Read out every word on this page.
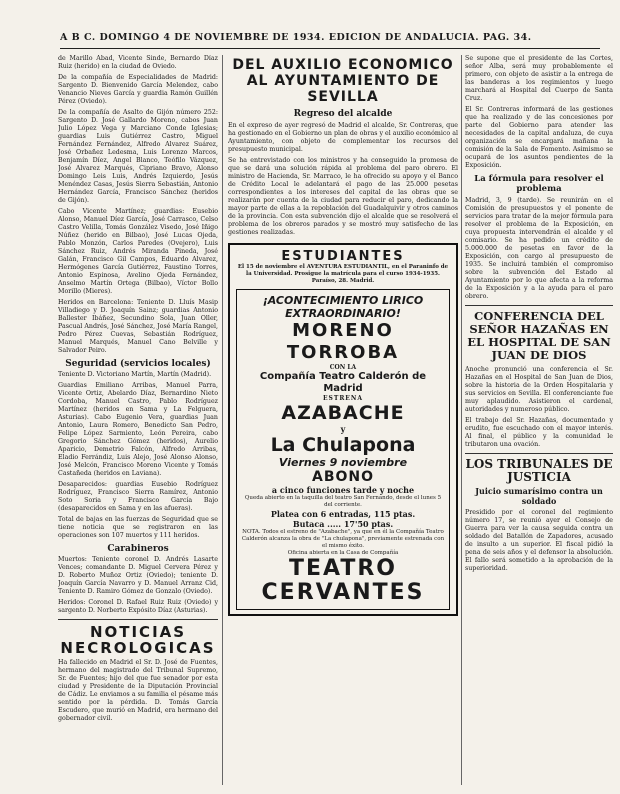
A B C. DOMINGO 4 DE NOVIEMBRE DE 1934. EDICION DE ANDALUCIA. PAG. 34.

de Marillo Abad, Vicente Sinde, Bernardo Díaz Ruiz (herido) en la ciudad de Oviedo.

De la compañía de Especialidades de Madrid: Sargento D. Bienvenido García Melendez, cabo Venancio Nieves García y guardia Ramón Guillén Pérez (Oviedo).

De la compañía de Asalto de Gijón número 252: Sargento D. José Gallardo Moreno, cabos Juan Julio López Vega y Marciano Conde Iglesias; guardias Luis Gutiérrez Castro, Miguel Fernández Fernández, Alfredo Alvarez Suárez, José Orbañez Ledesma, Luis Lorenzo Marcos, Benjamín Díez, Angel Blanco, Teófilo Vázquez, José Alvarez Marqués, Cipriano Bravo, Alonso Domingo Leis Luis, Andrés Izquierdo, Jesús Menéndez Casas, Jesús Sierra Sebastián, Antonio Hernández García, Francisco Sánchez (heridos de Gijón).

Cabo Vicente Martínez; guardias: Eusebio Alonso, Manuel Díez García, José Carrasco, Celso Castro Velilla, Tomás González Visedo, José Iñigo Núñez (herido en Bilbao), José Lucas Ojeda, Pablo Monzón, Carlos Paredes (Ovejero), Luis Sánchez Ruiz, Andrés Miranda Pineda, José Galán, Francisco Gil Campos, Eduardo Alvarez, Hermógenes García Gutiérrez, Faustino Torres, Antonio Espinosa, Avelino Ojeda Fernández, Anselmo Martín Ortega (Bilbao), Víctor Bollo Morillo (Mieres).

Heridos en Barcelona: Teniente D. Lluís Masip Villadiego y D. Joaquín Sainz; guardias Antonio Ballester Ibáñez, Secundino Sola, Juan Oller, Pascual Andrés, José Sánchez, José María Rangel, Pedro Pérez Cuevas, Sebastián Rodríguez, Manuel Marqués, Manuel Cano Belville y Salvador Peiro.

Seguridad (servicios locales)

Teniente D. Victoriano Martín, Martín (Madrid).

Guardias Emiliano Arribas, Manuel Parra, Vicente Ortiz, Abelardo Díaz, Bernardino Nieto Cordoba, Manuel Castro, Pablo Rodríguez Martínez (heridos en Sama y La Felguera, Asturias). Cabo Eugenio Vera, guardias Juan Antonio, Laura Romero, Benedicto San Pedro, Felipe López Sarmiento, León Pereira, cabo Gregorio Sánchez Gómez (heridos), Aurelio Aparicio, Demetrio Falcón, Alfredo Arribas, Eladio Ferrándiz, Luis Alejo, José Alonso Alonso, José Melcón, Francisco Moreno Vicente y Tomás Castañeda (heridos en Laviana).

Desaparecidos: guardias Eusebio Rodríguez Rodríguez, Francisco Sierra Ramírez, Antonio Soto Soria y Francisco García Bajo (desaparecidos en Sama y en las afueras).

Total de bajas en las fuerzas de Seguridad que se tiene noticia que se registraron en las operaciones son 107 muertos y 111 heridos.

Carabineros

Muertos: Teniente coronel D. Andrés Lasarte Vences; comandante D. Miguel Cervera Pérez y D. Roberto Muñoz Ortiz (Oviedo); teniente D. Joaquín García Navarro y D. Manuel Arranz Cid, Teniente D. Ramiro Gómez de Gonzalo (Oviedo).

Heridos: Coronel D. Rafael Ruiz Ruiz (Oviedo) y sargento D. Norberto Expósito Díaz (Asturias).

NOTICIAS NECROLOGICAS

Ha fallecido en Madrid el Sr. D. José de Fuentes, hermano del magistrado del Tribunal Supremo, Sr. de Fuentes; hijo del que fue senador por esta ciudad y Presidente de la Diputación Provincial de Cádiz. Le enviamos a su familia el pésame más sentido por la pérdida. D. Tomás García Escudero, que murió en Madrid, era hermano del gobernador civil.

DEL AUXILIO ECONOMICO AL AYUNTAMIENTO DE SEVILLA
Regreso del alcalde

En el expreso de ayer regresó de Madrid el alcalde, Sr. Contreras, que ha gestionado en el Gobierno un plan de obras y el auxilio económico al Ayuntamiento, con objeto de complementar los recursos del presupuesto municipal.

Se ha entrevistado con los ministros y ha conseguido la promesa de que se dará una solución rápida al problema del paro obrero. El ministro de Hacienda, Sr. Marraco, le ha ofrecido su apoyo y el Banco de Crédito Local le adelantará el pago de las 25.000 pesetas correspondientes a los intereses del capital de las obras que se realizarán por cuenta de la ciudad para reducir el paro, dedicando la mayor parte de ellas a la repoblación del Guadalquivir y otros caminos de la provincia. Con esta subvención dijo el alcalde que se resolverá el problema de los obreros parados y se mostró muy satisfecho de las gestiones realizadas.

ESTUDIANTES
El 15 de noviembre el AVENTURA ESTUDIANTIL, en el Paraninfo de la Universidad. Prosigue la matrícula para el curso 1934-1935. Paraíso, 28. Madrid.
¡ACONTECIMIENTO LIRICO
EXTRAORDINARIO!
MORENO TORROBA
CON LA
Compañía Teatro Calderón de Madrid
ESTRENA
AZABACHE
y
La Chulapona
Viernes 9 noviembre
ABONO
a cinco funciones tarde y noche
Queda abierto en la taquilla del teatro San Fernando, desde el lunes 5 del corriente.
Platea con 6 entradas, 115 ptas.
Butaca ..... 17'50 ptas.
NOTA. Todos el estreno de "Azabache", ya que en él la Compañía Teatro Calderón alcanza la obra de "La chulapona", previamente estrenada con el mismo éxito.
Oficina abierta en la Casa de Compañía
TEATRO
CERVANTES

Se supone que el presidente de las Cortes, señor Alba, será muy probablemente el primero, con objeto de asistir a la entrega de las banderas a los regimientos y luego marchará al Hospital del Cuerpo de Santa Cruz.

El Sr. Contreras informará de las gestiones que ha realizado y de las concesiones por parte del Gobierno para atender las necesidades de la capital andaluza, de cuya organización se encargará mañana la comisión de la Sala de Fomento. Asimismo se ocupará de los asuntos pendientes de la Exposición.

La fórmula para resolver el problema

Madrid, 3, 9 (tarde). Se reunirán en el Comisión de presupuestos y el ponente de servicios para tratar de la mejor fórmula para resolver el problema de la Exposición, en cuya propuesta intervendrán el alcalde y el comisario. Se ha pedido un crédito de 5.000.000 de pesetas en favor de la Exposición, con cargo al presupuesto de 1935. Se incluirá también el compromiso sobre la subvención del Estado al Ayuntamiento por lo que afecta a la reforma de la Exposición y a la ayuda para el paro obrero.

CONFERENCIA DEL SEÑOR HAZAÑAS EN EL HOSPITAL DE SAN JUAN DE DIOS

Anoche pronunció una conferencia el Sr. Hazañas en el Hospital de San Juan de Dios, sobre la historia de la Orden Hospitalaria y sus servicios en Sevilla. El conferenciante fue muy aplaudido. Asistieron el cardenal, autoridades y numeroso público.

El trabajo del Sr. Hazañas, documentado y erudito, fue escuchado con el mayor interés. Al final, el público y la comunidad le tributaron una ovación.

LOS TRIBUNALES DE JUSTICIA
Juicio sumarísimo contra un soldado

Presidido por el coronel del regimiento número 17, se reunió ayer el Consejo de Guerra para ver la causa seguida contra un soldado del Batallón de Zapadores, acusado de insulto a un superior. El fiscal pidió la pena de seis años y el defensor la absolución. El fallo será sometido a la aprobación de la superioridad.
